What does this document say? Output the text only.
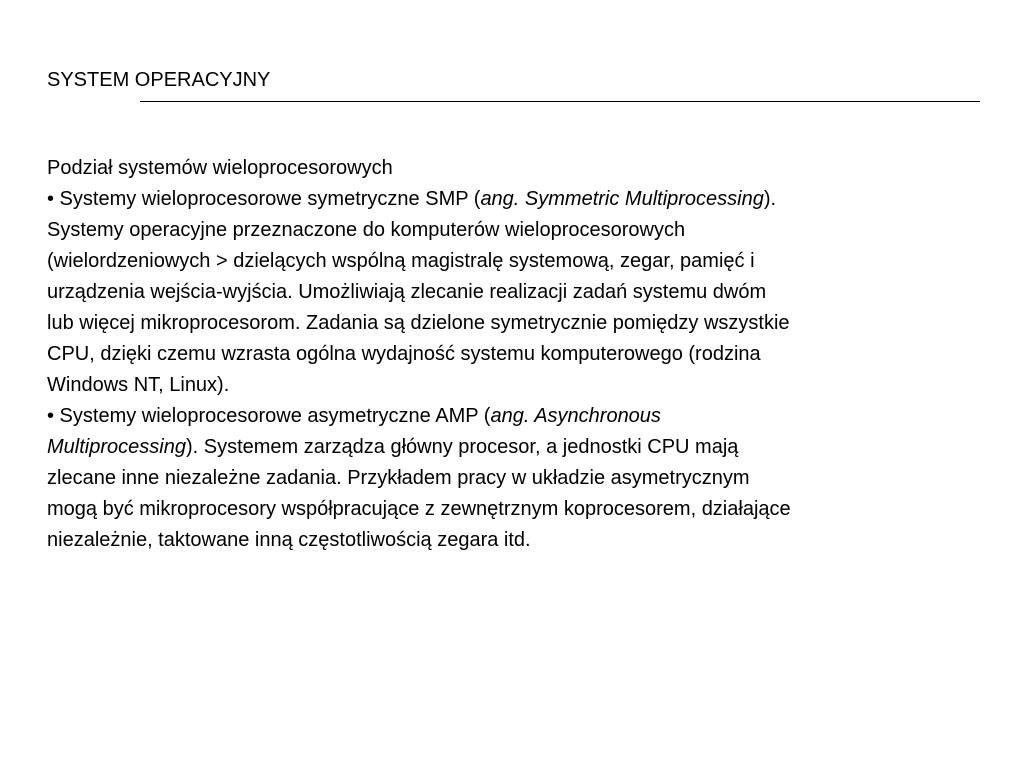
SYSTEM OPERACYJNY

Podział systemów wieloprocesorowych

• Systemy wieloprocesorowe symetryczne SMP (ang. Symmetric Multiprocessing).
Systemy operacyjne przeznaczone do komputerów wieloprocesorowych
(wielordzeniowych > dzielących wspólną magistralę systemową, zegar, pamięć i
urządzenia wejścia-wyjścia. Umożliwiają zlecanie realizacji zadań systemu dwóm
lub więcej mikroprocesorom. Zadania są dzielone symetrycznie pomiędzy wszystkie
CPU, dzięki czemu wzrasta ogólna wydajność systemu komputerowego (rodzina
Windows NT, Linux).

• Systemy wieloprocesorowe asymetryczne AMP (ang. Asynchronous
Multiprocessing). Systemem zarządza główny procesor, a jednostki CPU mają
zlecane inne niezależne zadania. Przykładem pracy w układzie asymetrycznym
mogą być mikroprocesory współpracujące z zewnętrznym koprocesorem, działające
niezależnie, taktowane inną częstotliwością zegara itd.
